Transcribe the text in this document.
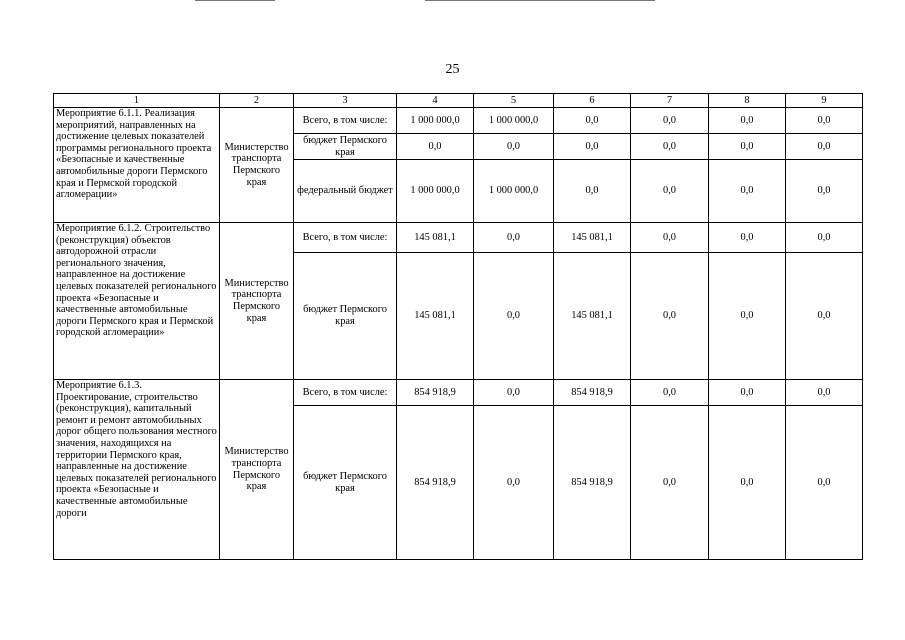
25
1	2	3	4	5	6	7	8	9
Мероприятие 6.1.1. Реализация мероприятий, направленных на достижение целевых показателей программы регионального проекта «Безопасные и качественные автомобильные дороги Пермского края и Пермской городской агломерации»	Министерство транспорта Пермского края	Всего, в том числе:	1 000 000,0	1 000 000,0	0,0	0,0	0,0	0,0
		бюджет Пермского края	0,0	0,0	0,0	0,0	0,0	0,0
		федеральный бюджет	1 000 000,0	1 000 000,0	0,0	0,0	0,0	0,0
Мероприятие 6.1.2. Строительство (реконструкция) объектов автодорожной отрасли регионального значения, направленное на достижение целевых показателей регионального проекта «Безопасные и качественные автомобильные дороги Пермского края и Пермской городской агломерации»	Министерство транспорта Пермского края	Всего, в том числе:	145 081,1	0,0	145 081,1	0,0	0,0	0,0
		бюджет Пермского края	145 081,1	0,0	145 081,1	0,0	0,0	0,0
Мероприятие 6.1.3. Проектирование, строительство (реконструкция), капитальный ремонт и ремонт автомобильных дорог общего пользования местного значения, находящихся на территории Пермского края, направленные на достижение целевых показателей регионального проекта «Безопасные и качественные автомобильные дороги	Министерство транспорта Пермского края	Всего, в том числе:	854 918,9	0,0	854 918,9	0,0	0,0	0,0
		бюджет Пермского края	854 918,9	0,0	854 918,9	0,0	0,0	0,0
